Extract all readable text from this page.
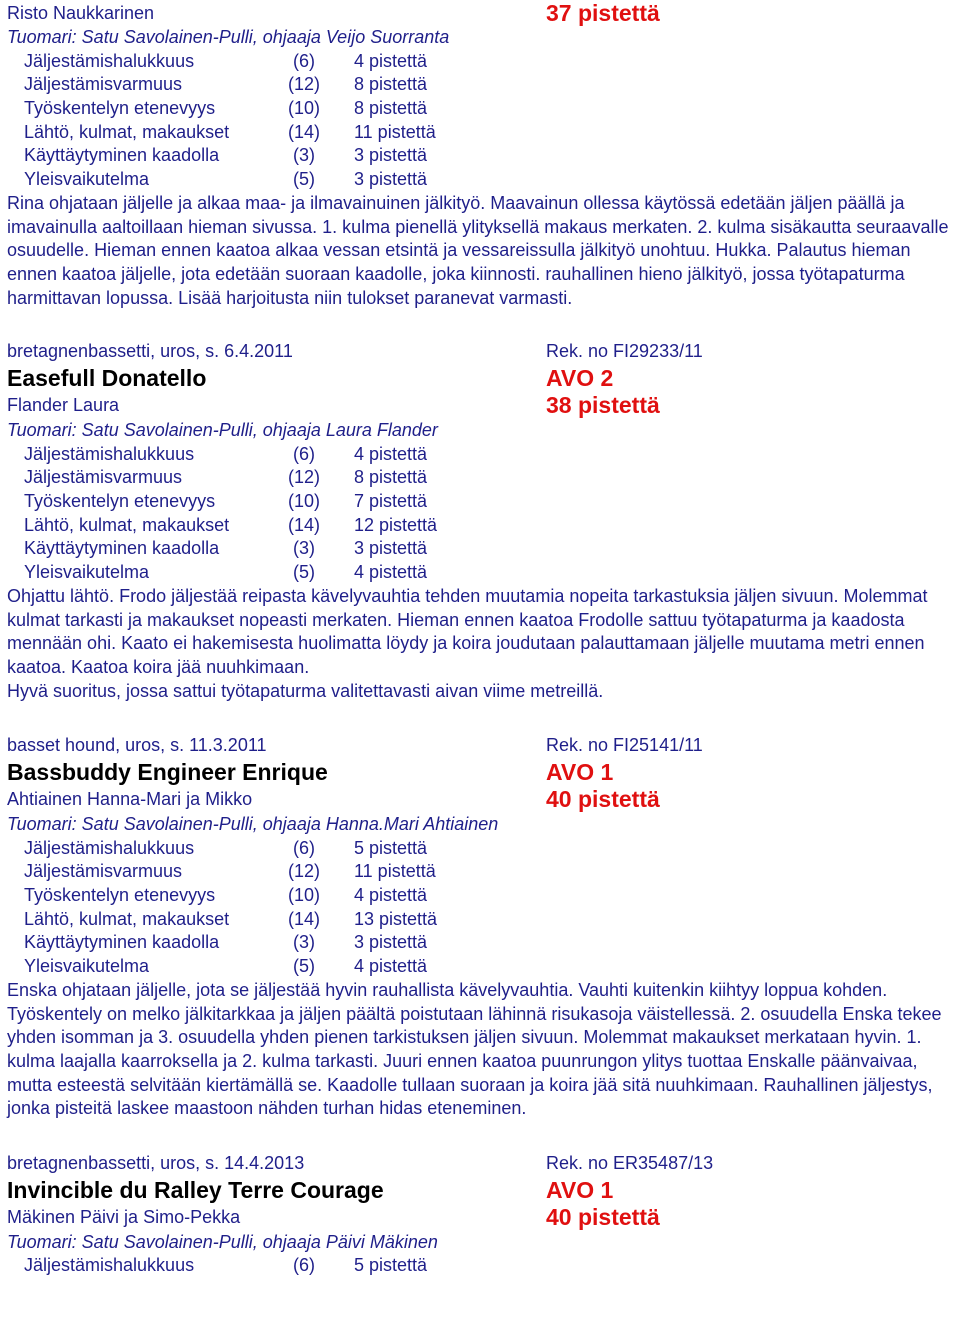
Risto Naukkarinen	37 pistettä
Tuomari: Satu Savolainen-Pulli, ohjaaja Veijo Suorranta
Jäljestämishalukkuus	(6)	4 pistettä
Jäljestämisvarmuus	(12)	8 pistettä
Työskentelyn etenevyys	(10)	8 pistettä
Lähtö, kulmat, makaukset	(14)	11 pistettä
Käyttäytyminen kaadolla	(3)	3 pistettä
Yleisvaikutelma	(5)	3 pistettä
Rina ohjataan jäljelle ja alkaa maa- ja ilmavainuinen jälkityö. Maavainun ollessa käytössä edetään jäljen päällä ja imavainulla aaltoillaan hieman sivussa. 1. kulma pienellä ylityksellä makaus merkaten. 2. kulma sisäkautta seuraavalle osuudelle. Hieman ennen kaatoa alkaa vessan etsintä ja vessareissulla jälkityö unohtuu. Hukka. Palautus hieman ennen kaatoa jäljelle, jota edetään suoraan kaadolle, joka kiinnosti. rauhallinen hieno jälkityö, jossa työtapaturma harmittavan lopussa. Lisää harjoitusta niin tulokset paranevat varmasti.
bretagnenbassetti, uros, s. 6.4.2011	Rek. no FI29233/11
Easefull Donatello	AVO 2
Flander Laura	38 pistettä
Tuomari: Satu Savolainen-Pulli, ohjaaja Laura Flander
Jäljestämishalukkuus	(6)	4 pistettä
Jäljestämisvarmuus	(12)	8 pistettä
Työskentelyn etenevyys	(10)	7 pistettä
Lähtö, kulmat, makaukset	(14)	12 pistettä
Käyttäytyminen kaadolla	(3)	3 pistettä
Yleisvaikutelma	(5)	4 pistettä
Ohjattu lähtö. Frodo jäljestää reipasta kävelyvauhtia tehden muutamia nopeita tarkastuksia jäljen sivuun. Molemmat kulmat tarkasti ja makaukset nopeasti merkaten. Hieman ennen kaatoa Frodolle sattuu työtapaturma ja kaadosta mennään ohi. Kaato ei hakemisesta huolimatta löydy ja koira joudutaan palauttamaan jäljelle muutama metri ennen kaatoa. Kaatoa koira jää nuuhkimaan.
Hyvä suoritus, jossa sattui työtapaturma valitettavasti aivan viime metreillä.
basset hound, uros, s. 11.3.2011	Rek. no FI25141/11
Bassbuddy Engineer Enrique	AVO 1
Ahtiainen Hanna-Mari ja Mikko	40 pistettä
Tuomari: Satu Savolainen-Pulli, ohjaaja Hanna.Mari Ahtiainen
Jäljestämishalukkuus	(6)	5 pistettä
Jäljestämisvarmuus	(12)	11 pistettä
Työskentelyn etenevyys	(10)	4 pistettä
Lähtö, kulmat, makaukset	(14)	13 pistettä
Käyttäytyminen kaadolla	(3)	3 pistettä
Yleisvaikutelma	(5)	4 pistettä
Enska ohjataan jäljelle, jota se jäljestää hyvin rauhallista kävelyvauhtia. Vauhti kuitenkin kiihtyy loppua kohden. Työskentely on melko jälkitarkkaa ja jäljen päältä poistutaan lähinnä risukasoja väistellessä. 2. osuudella Enska tekee yhden isomman ja 3. osuudella yhden pienen tarkistuksen jäljen sivuun. Molemmat makaukset merkataan hyvin. 1. kulma laajalla kaarroksella ja 2. kulma tarkasti. Juuri ennen kaatoa puunrungon ylitys tuottaa Enskalle päänvaivaa, mutta esteestä selvitään kiertämällä se. Kaadolle tullaan suoraan ja koira jää sitä nuuhkimaan. Rauhallinen jäljestys, jonka pisteitä laskee maastoon nähden turhan hidas eteneminen.
bretagnenbassetti, uros, s. 14.4.2013	Rek. no ER35487/13
Invincible du Ralley Terre Courage	AVO 1
Mäkinen Päivi ja Simo-Pekka	40 pistettä
Tuomari: Satu Savolainen-Pulli, ohjaaja Päivi Mäkinen
Jäljestämishalukkuus	(6)	5 pistettä
